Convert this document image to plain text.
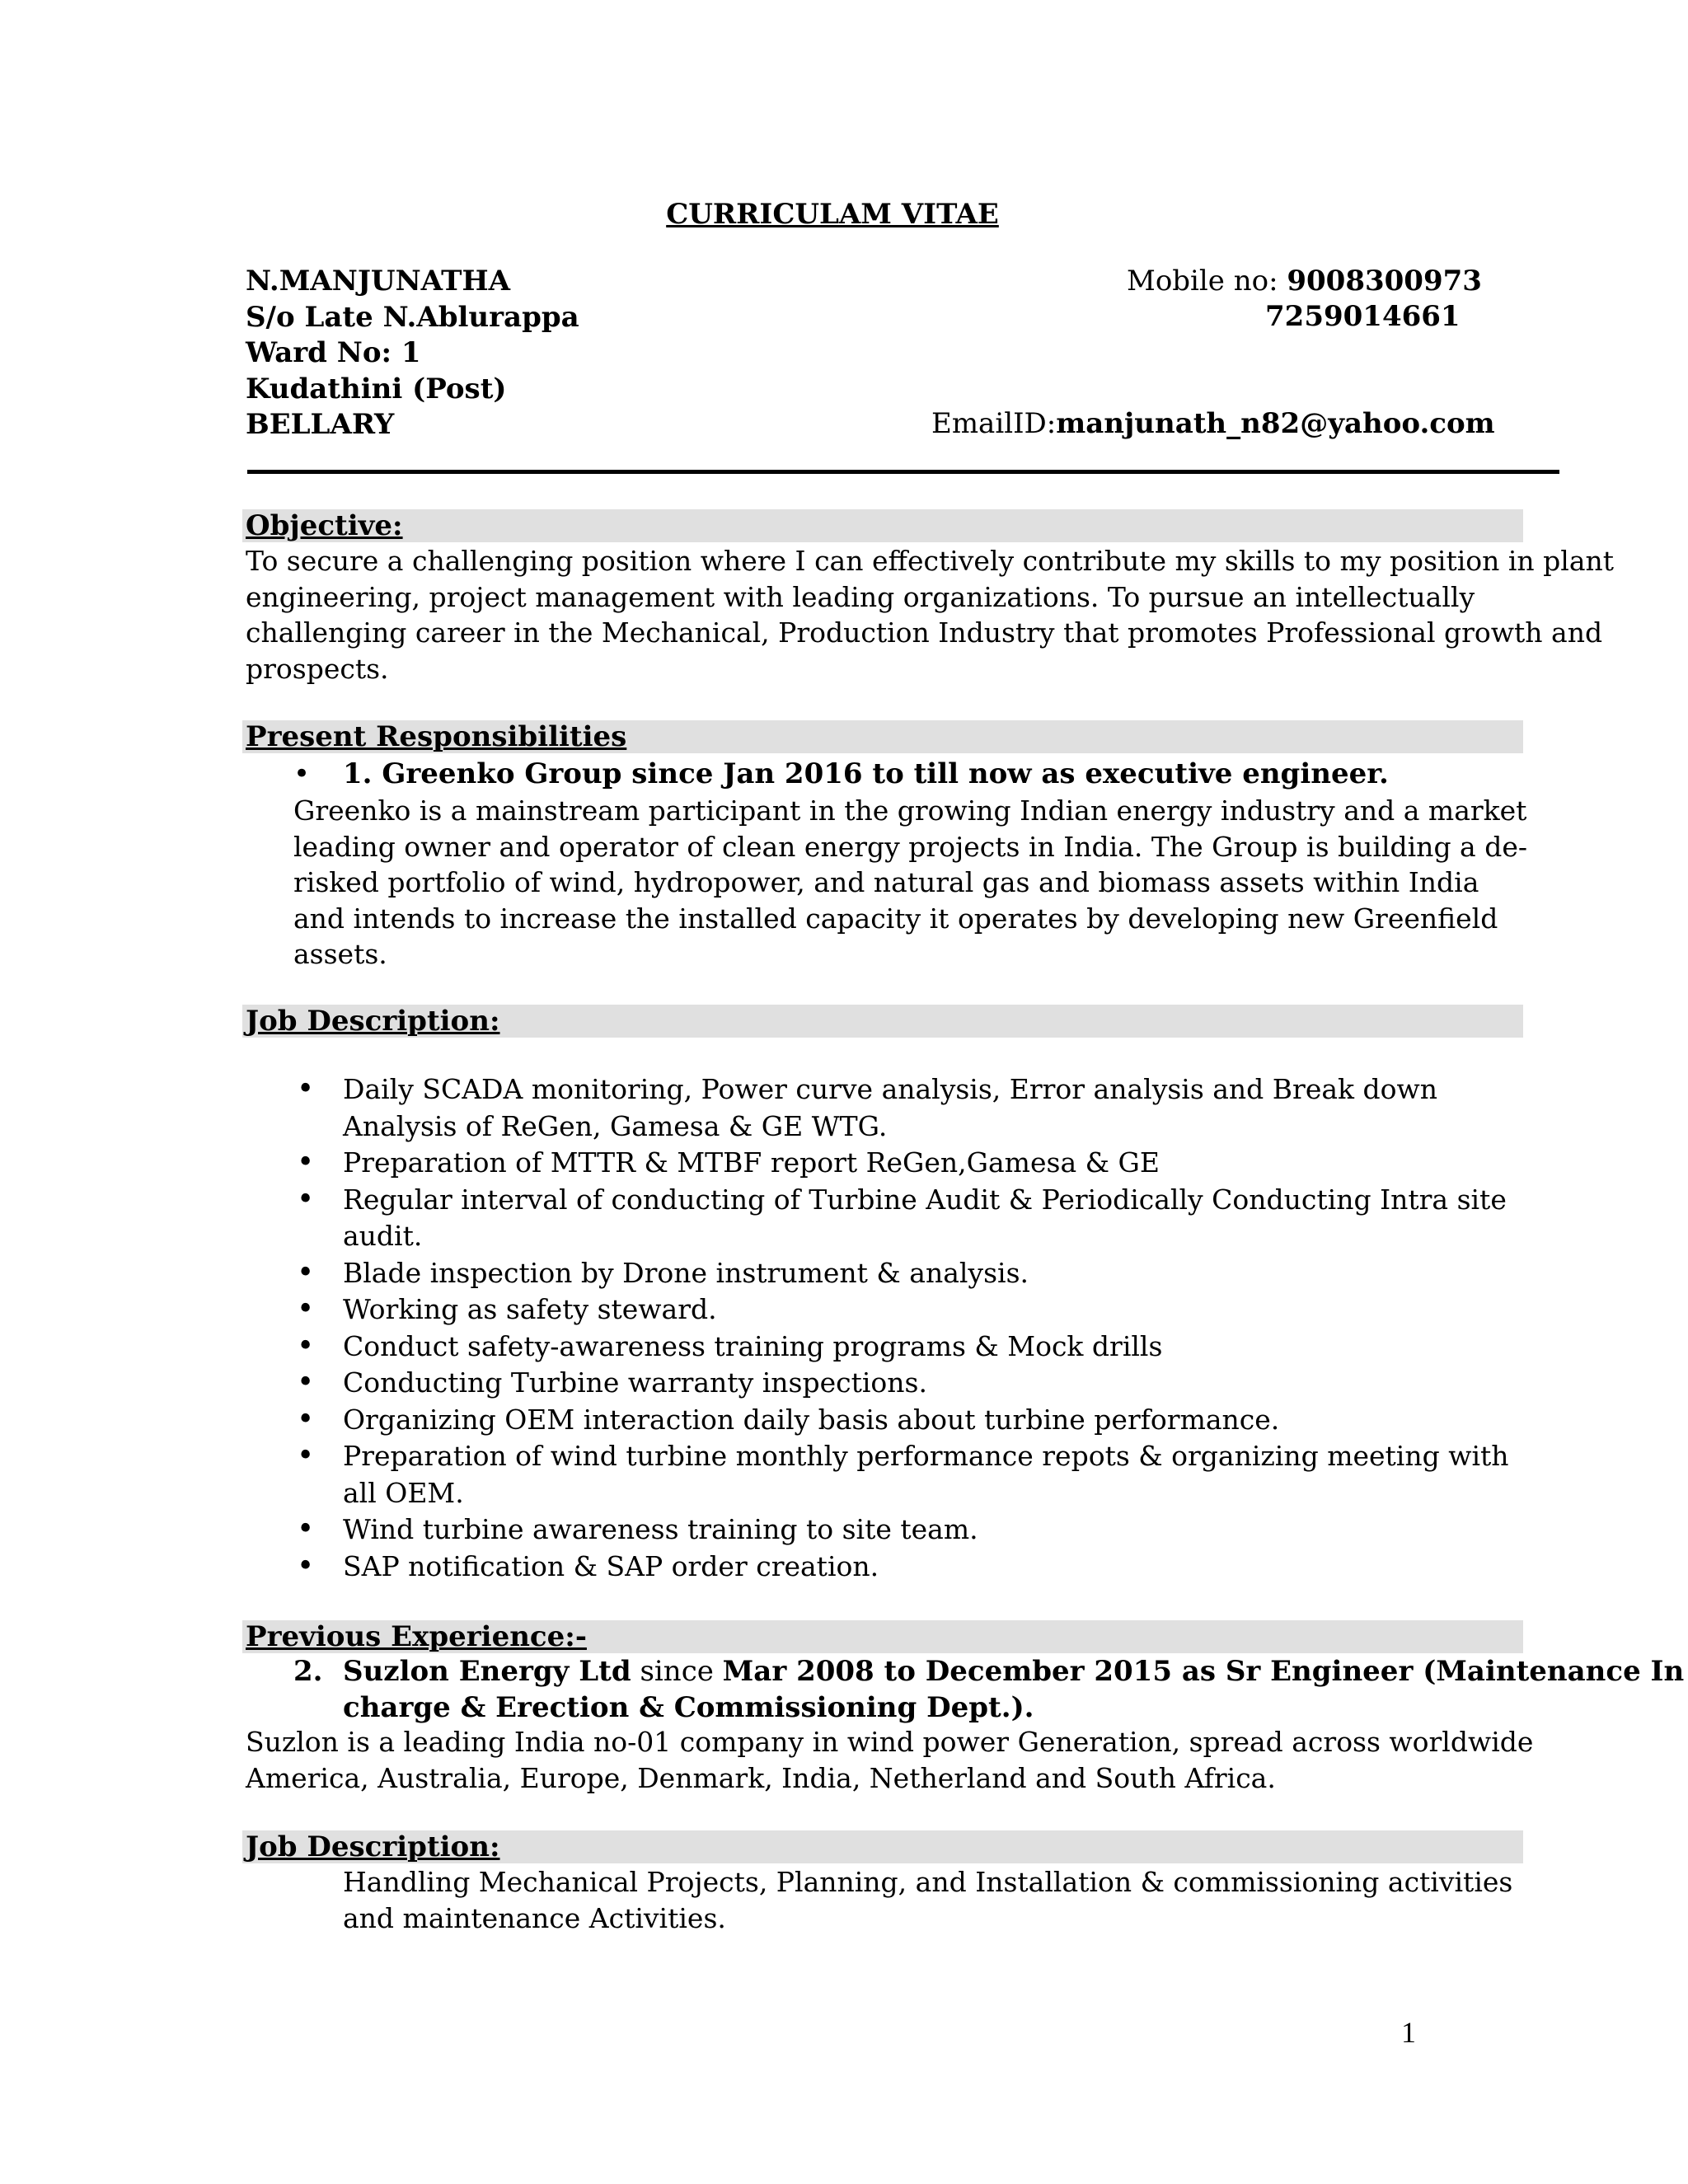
CURRICULAM VITAE
N.MANJUNATHA
S/o Late N.Ablurappa
Ward No: 1
Kudathini (Post)
BELLARY
Mobile no: 9008300973
7259014661
EmailID:manjunath_n82@yahoo.com
Objective:
To secure a challenging position where I can effectively contribute my skills to my position in plant
engineering, project management with leading organizations. To pursue an intellectually
challenging career in the Mechanical, Production Industry that promotes Professional growth and
prospects.
Present Responsibilities
• 1. Greenko Group since Jan 2016 to till now as executive engineer.
Greenko is a mainstream participant in the growing Indian energy industry and a market
leading owner and operator of clean energy projects in India. The Group is building a de-
risked portfolio of wind, hydropower, and natural gas and biomass assets within India
and intends to increase the installed capacity it operates by developing new Greenfield
assets.
Job Description:
• Daily SCADA monitoring, Power curve analysis, Error analysis and Break down
Analysis of ReGen, Gamesa & GE WTG.
• Preparation of MTTR & MTBF report ReGen,Gamesa & GE
• Regular interval of conducting of Turbine Audit & Periodically Conducting Intra site
audit.
• Blade inspection by Drone instrument & analysis.
• Working as safety steward.
• Conduct safety-awareness training programs & Mock drills
• Conducting Turbine warranty inspections.
• Organizing OEM interaction daily basis about turbine performance.
• Preparation of wind turbine monthly performance repots & organizing meeting with
all OEM.
• Wind turbine awareness training to site team.
• SAP notification & SAP order creation.
Previous Experience:-
2. Suzlon Energy Ltd since Mar 2008 to December 2015 as Sr Engineer (Maintenance In
charge & Erection & Commissioning Dept.).
Suzlon is a leading India no-01 company in wind power Generation, spread across worldwide
America, Australia, Europe, Denmark, India, Netherland and South Africa.
Job Description:
Handling Mechanical Projects, Planning, and Installation & commissioning activities
and maintenance Activities.
1
